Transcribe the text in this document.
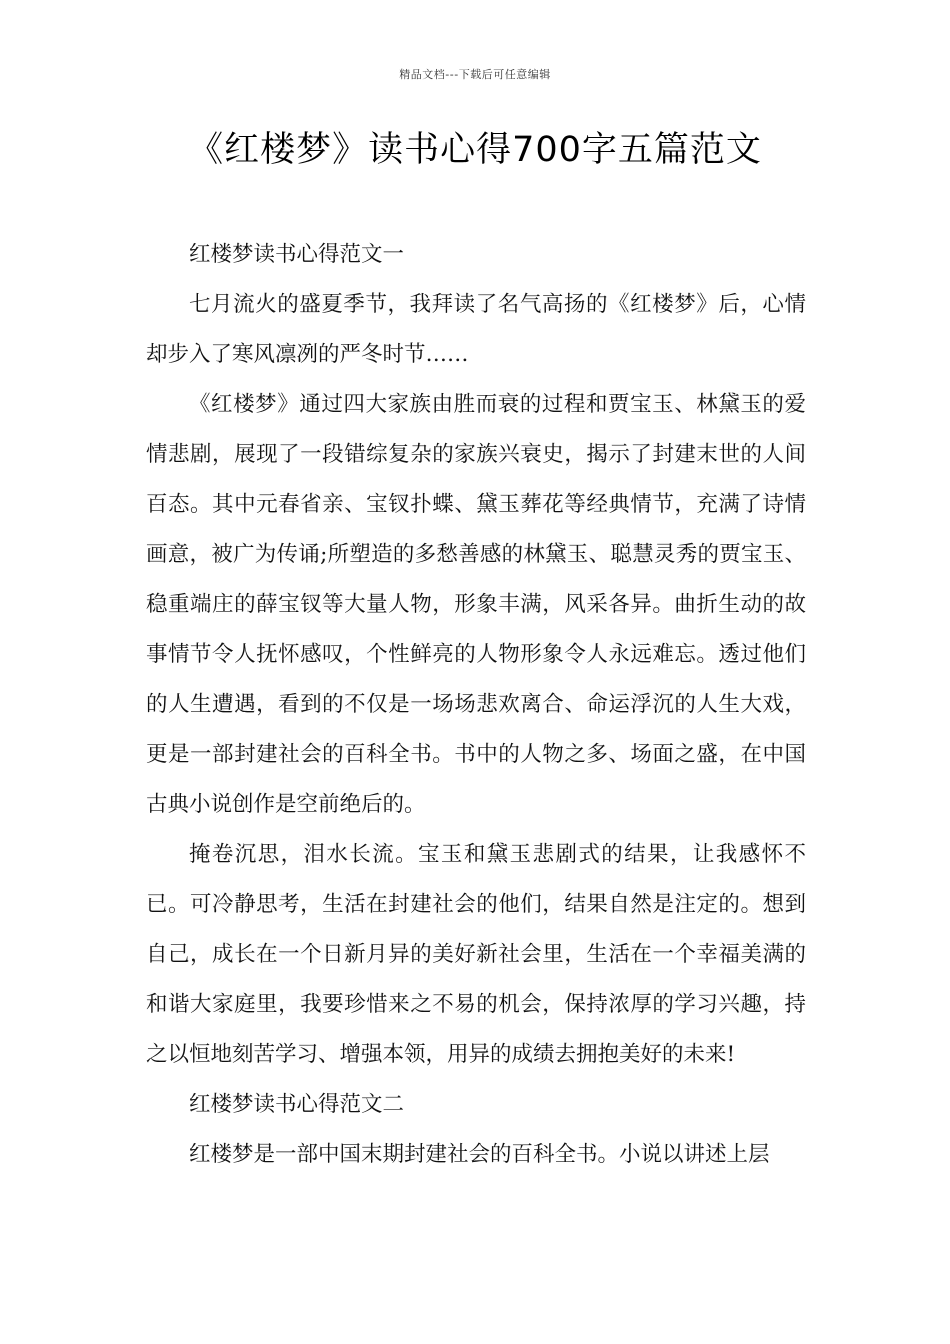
精品文档---下载后可任意编辑
《红楼梦》读书心得700字五篇范文

红楼梦读书心得范文一

七月流火的盛夏季节，我拜读了名气高扬的《红楼梦》后，心情却步入了寒风凛冽的严冬时节……

《红楼梦》通过四大家族由胜而衰的过程和贾宝玉、林黛玉的爱情悲剧，展现了一段错综复杂的家族兴衰史，揭示了封建末世的人间百态。其中元春省亲、宝钗扑蝶、黛玉葬花等经典情节，充满了诗情画意，被广为传诵;所塑造的多愁善感的林黛玉、聪慧灵秀的贾宝玉、稳重端庄的薛宝钗等大量人物，形象丰满，风采各异。曲折生动的故事情节令人抚怀感叹，个性鲜亮的人物形象令人永远难忘。透过他们的人生遭遇，看到的不仅是一场场悲欢离合、命运浮沉的人生大戏，更是一部封建社会的百科全书。书中的人物之多、场面之盛，在中国古典小说创作是空前绝后的。

掩卷沉思，泪水长流。宝玉和黛玉悲剧式的结果，让我感怀不已。可冷静思考，生活在封建社会的他们，结果自然是注定的。想到自己，成长在一个日新月异的美好新社会里，生活在一个幸福美满的和谐大家庭里，我要珍惜来之不易的机会，保持浓厚的学习兴趣，持之以恒地刻苦学习、增强本领，用异的成绩去拥抱美好的未来!

红楼梦读书心得范文二

红楼梦是一部中国末期封建社会的百科全书。小说以讲述上层
